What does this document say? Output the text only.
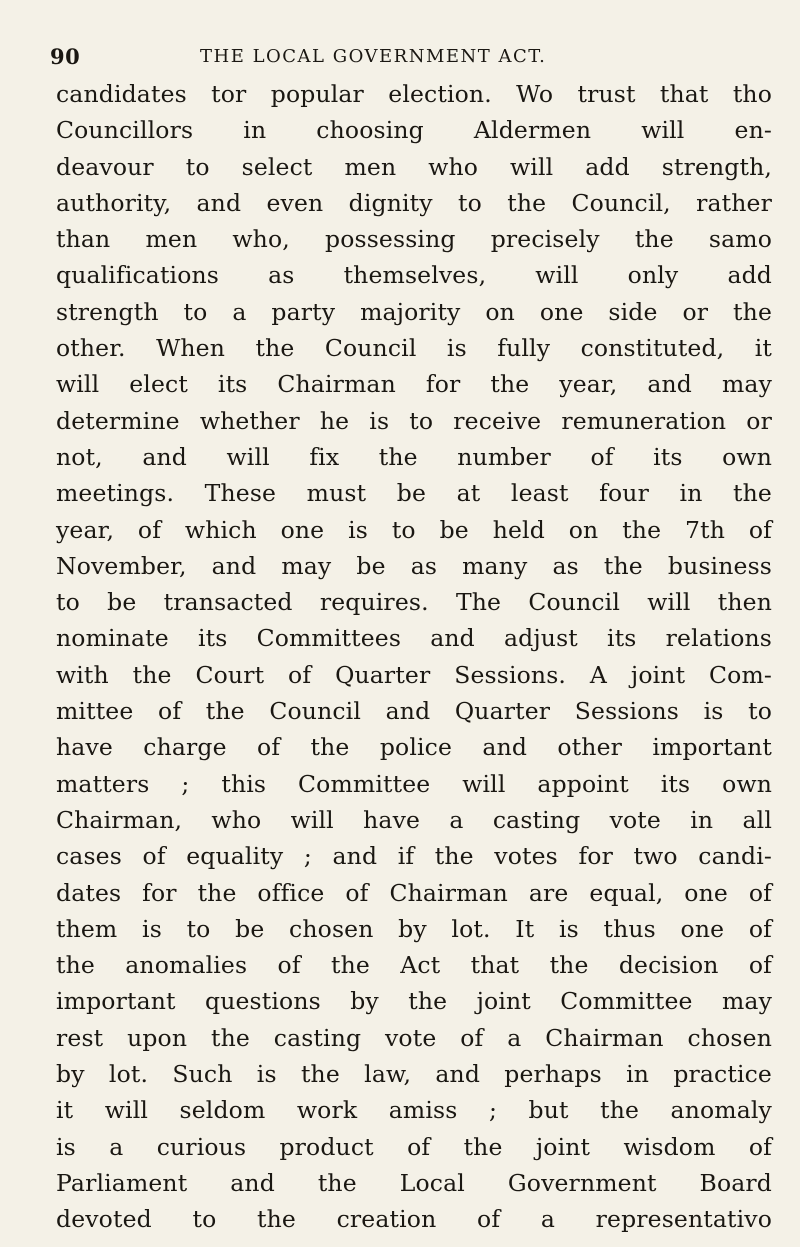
90	THE LOCAL GOVERNMENT ACT.
candidates tor popular election. Wo trust that tho
Councillors in choosing Aldermen will en-
deavour to select men who will add strength,
authority, and even dignity to the Council, rather
than men who, possessing precisely the samo
qualifications as themselves, will only add
strength to a party majority on one side or the
other. When the Council is fully constituted, it
will elect its Chairman for the year, and may
determine whether he is to receive remuneration or
not, and will fix the number of its own
meetings. These must be at least four in the
year, of which one is to be held on the 7th of
November, and may be as many as the business
to be transacted requires. The Council will then
nominate its Committees and adjust its relations
with the Court of Quarter Sessions. A joint Com-
mittee of the Council and Quarter Sessions is to
have charge of the police and other important
matters ; this Committee will appoint its own
Chairman, who will have a casting vote in all
cases of equality ; and if the votes for two candi-
dates for the office of Chairman are equal, one of
them is to be chosen by lot. It is thus one of
the anomalies of the Act that the decision of
important questions by the joint Committee may
rest upon the casting vote of a Chairman chosen
by lot. Such is the law, and perhaps in practice
it will seldom work amiss ; but the anomaly
is a curious product of the joint wisdom of
Parliament and the Local Government Board
devoted to the creation of a representativo
